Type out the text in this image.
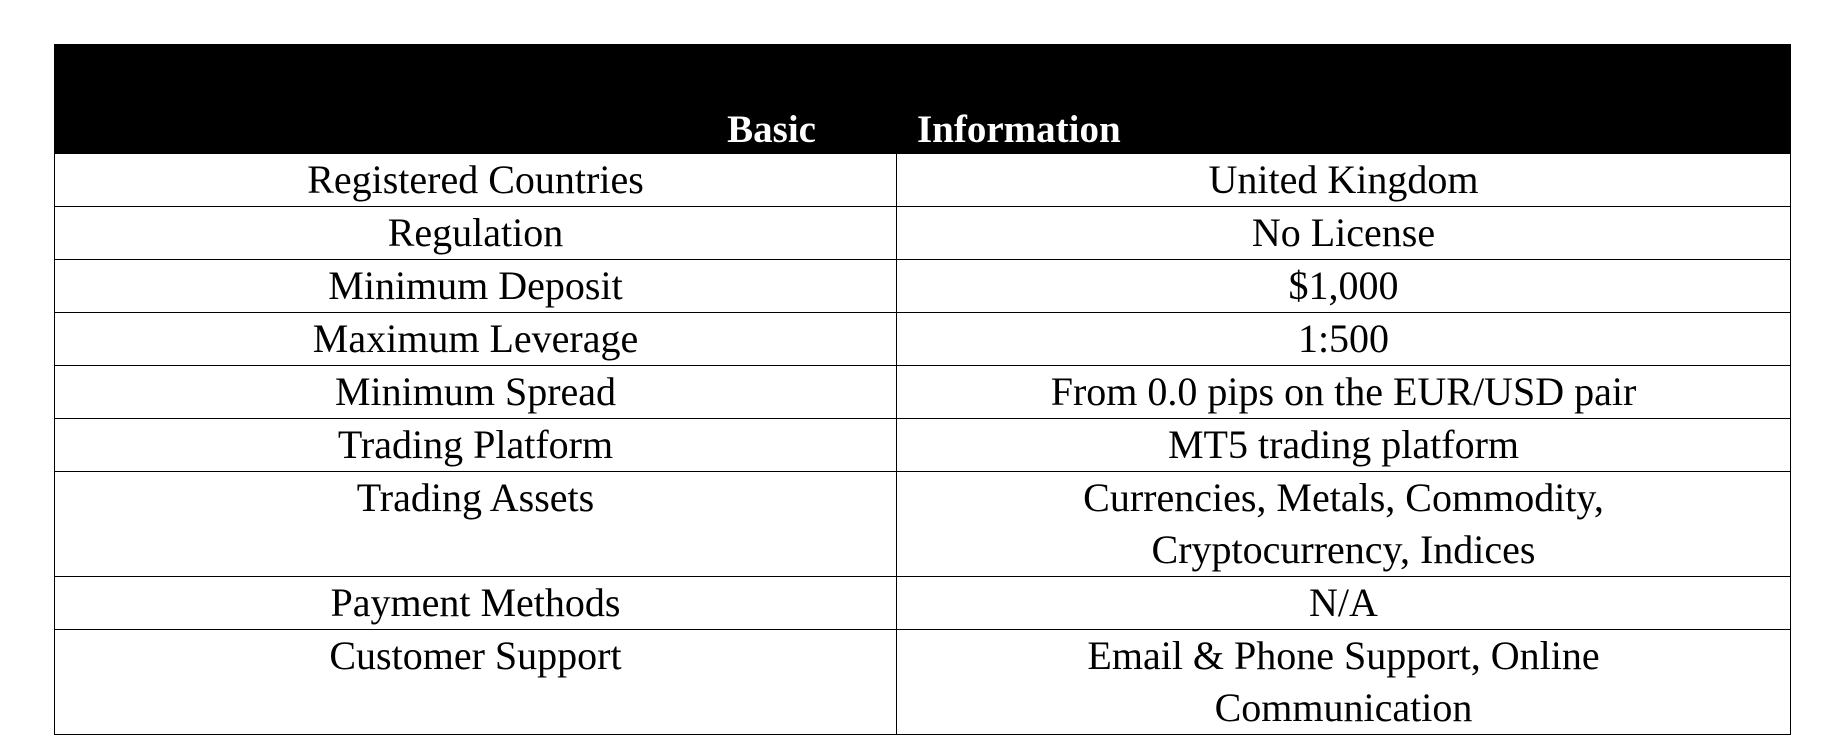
Basic	Information
Registered Countries	United Kingdom
Regulation	No License
Minimum Deposit	$1,000
Maximum Leverage	1:500
Minimum Spread	From 0.0 pips on the EUR/USD pair
Trading Platform	MT5 trading platform
Trading Assets	Currencies, Metals, Commodity, Cryptocurrency, Indices
Payment Methods	N/A
Customer Support	Email & Phone Support, Online Communication
